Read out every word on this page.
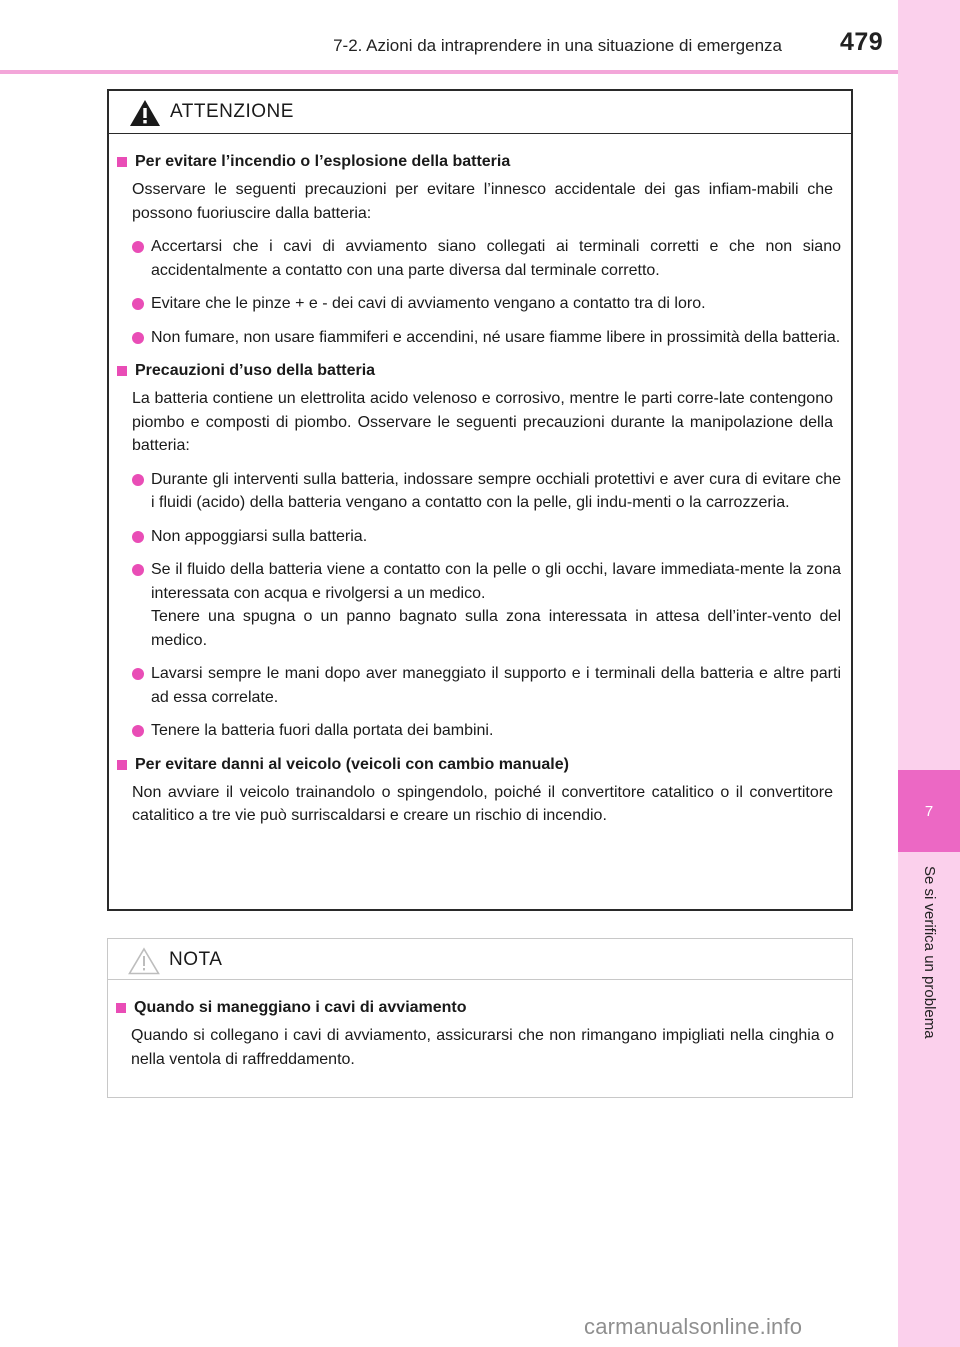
7-2. Azioni da intraprendere in una situazione di emergenza 479
7
Se si verifica un problema
ATTENZIONE
Per evitare l’incendio o l’esplosione della batteria
Osservare le seguenti precauzioni per evitare l’innesco accidentale dei gas infiam-mabili che possono fuoriuscire dalla batteria:
Accertarsi che i cavi di avviamento siano collegati ai terminali corretti e che non siano accidentalmente a contatto con una parte diversa dal terminale corretto.
Evitare che le pinze + e - dei cavi di avviamento vengano a contatto tra di loro.
Non fumare, non usare fiammiferi e accendini, né usare fiamme libere in prossimità della batteria.
Precauzioni d’uso della batteria
La batteria contiene un elettrolita acido velenoso e corrosivo, mentre le parti corre-late contengono piombo e composti di piombo. Osservare le seguenti precauzioni durante la manipolazione della batteria:
Durante gli interventi sulla batteria, indossare sempre occhiali protettivi e aver cura di evitare che i fluidi (acido) della batteria vengano a contatto con la pelle, gli indu-menti o la carrozzeria.
Non appoggiarsi sulla batteria.
Se il fluido della batteria viene a contatto con la pelle o gli occhi, lavare immediata-mente la zona interessata con acqua e rivolgersi a un medico.
Tenere una spugna o un panno bagnato sulla zona interessata in attesa dell’inter-vento del medico.
Lavarsi sempre le mani dopo aver maneggiato il supporto e i terminali della batteria e altre parti ad essa correlate.
Tenere la batteria fuori dalla portata dei bambini.
Per evitare danni al veicolo (veicoli con cambio manuale)
Non avviare il veicolo trainandolo o spingendolo, poiché il convertitore catalitico o il convertitore catalitico a tre vie può surriscaldarsi e creare un rischio di incendio.
NOTA
Quando si maneggiano i cavi di avviamento
Quando si collegano i cavi di avviamento, assicurarsi che non rimangano impigliati nella cinghia o nella ventola di raffreddamento.
carmanualsonline.info
